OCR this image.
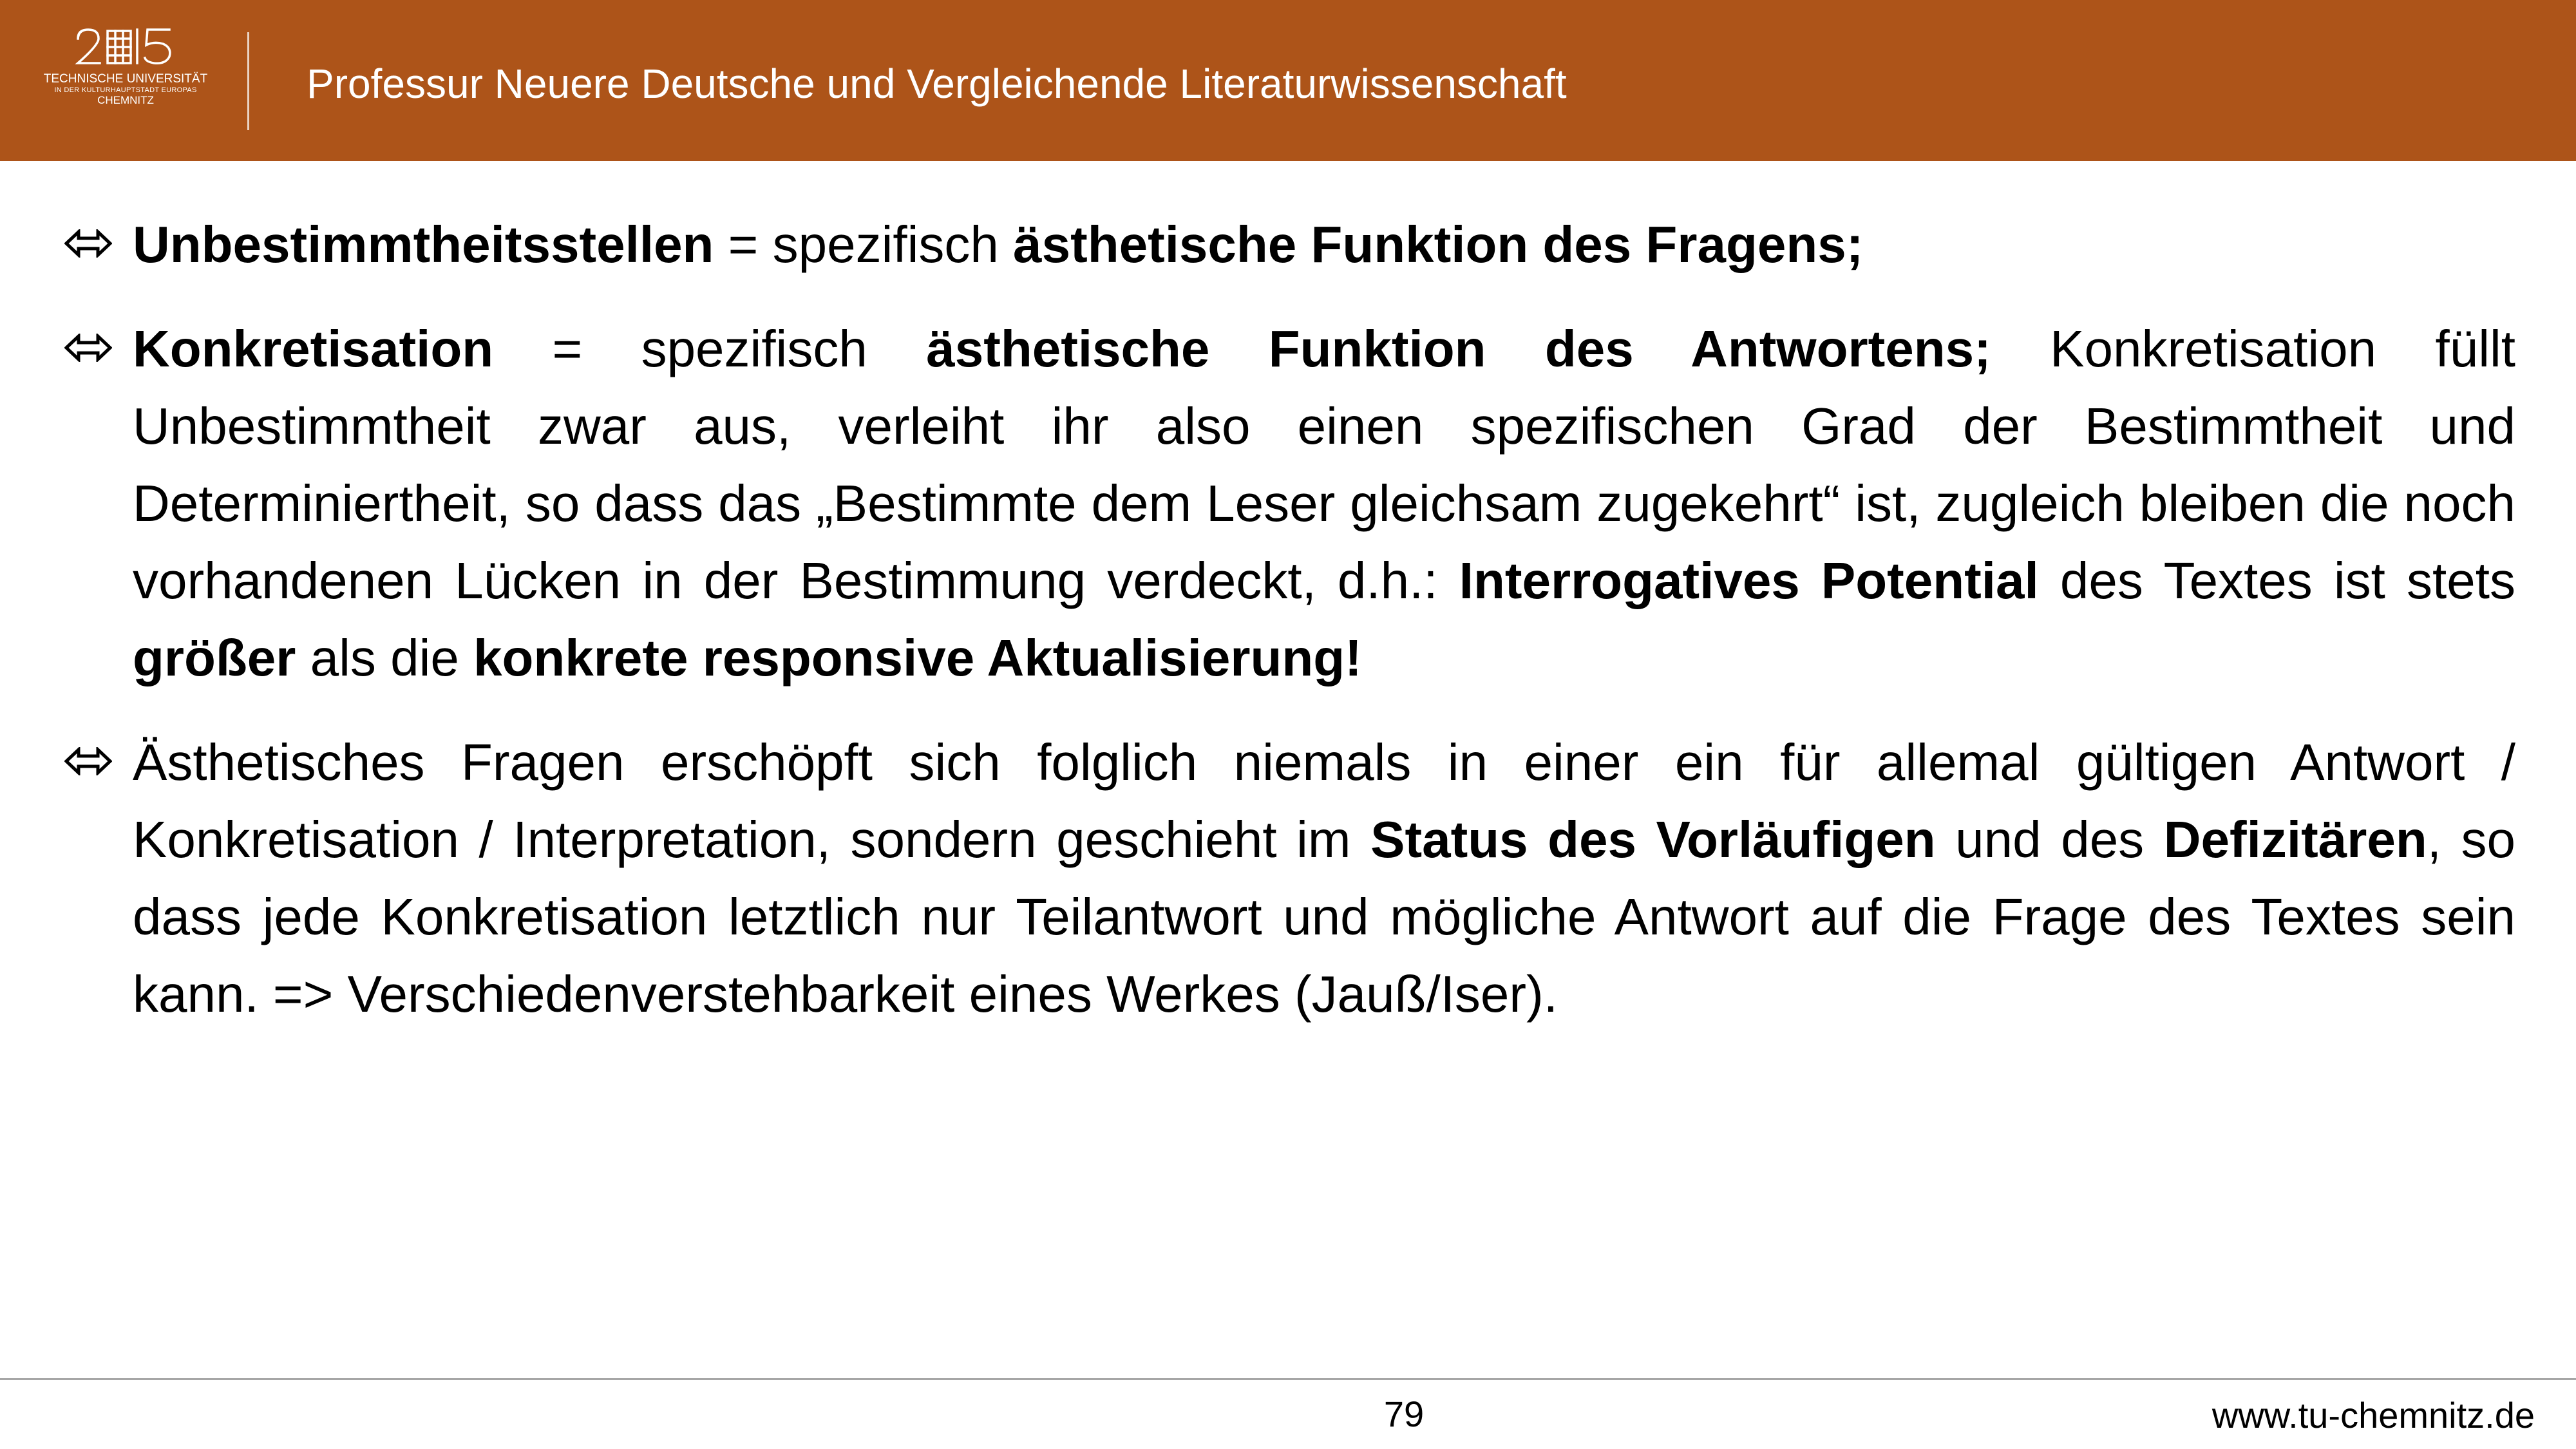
TECHNISCHE UNIVERSITÄT
IN DER KULTURHAUPTSTADT EUROPAS
CHEMNITZ	Professur Neuere Deutsche und Vergleichende Literaturwissenschaft
Unbestimmtheitsstellen = spezifisch ästhetische Funktion des Fragens;
Konkretisation = spezifisch ästhetische Funktion des Antwortens; Konkretisation füllt Unbestimmtheit zwar aus, verleiht ihr also einen spezifischen Grad der Bestimmtheit und Determiniertheit, so dass das „Bestimmte dem Leser gleichsam zugekehrt“ ist, zugleich bleiben die noch vorhandenen Lücken in der Bestimmung verdeckt, d.h.: Interrogatives Potential des Textes ist stets größer als die konkrete responsive Aktualisierung!
Ästhetisches Fragen erschöpft sich folglich niemals in einer ein für allemal gültigen Antwort / Konkretisation / Interpretation, sondern geschieht im Status des Vorläufigen und des Defizitären, so dass jede Konkretisation letztlich nur Teilantwort und mögliche Antwort auf die Frage des Textes sein kann. => Verschiedenverstehbarkeit eines Werkes (Jauß/Iser).
79	www.tu-chemnitz.de
